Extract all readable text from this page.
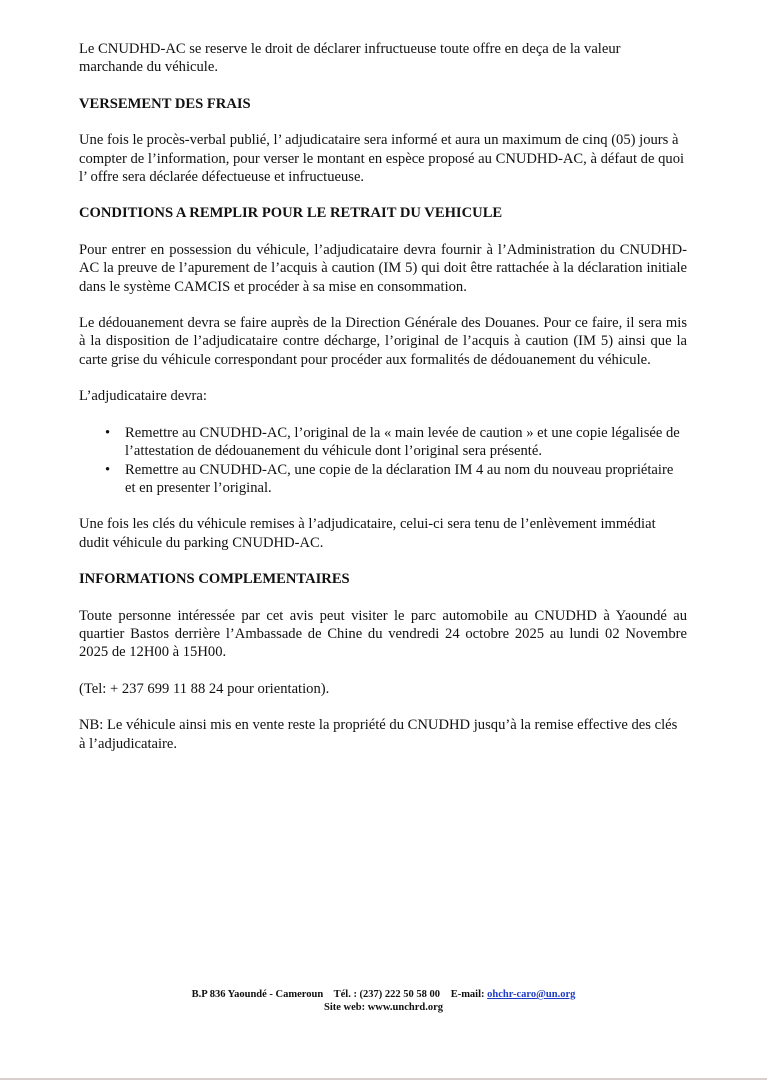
Le CNUDHD-AC se reserve le droit de déclarer infructueuse toute offre en deça de la valeur marchande du véhicule.

VERSEMENT DES FRAIS

Une fois le procès-verbal publié, l’ adjudicataire sera informé et aura un maximum de cinq (05) jours à compter de l’information, pour verser le montant en espèce proposé au CNUDHD-AC, à défaut de quoi l’ offre sera déclarée défectueuse et infructueuse.

CONDITIONS A REMPLIR POUR LE RETRAIT DU VEHICULE

Pour entrer en possession du véhicule, l’adjudicataire devra fournir à l’Administration du CNUDHD-AC la preuve de l’apurement de l’acquis à caution (IM 5) qui doit être rattachée à la déclaration initiale dans le système CAMCIS et procéder à sa mise en consommation.

Le dédouanement devra se faire auprès de la Direction Générale des Douanes. Pour ce faire, il sera mis à la disposition de l’adjudicataire contre décharge, l’original de l’acquis à caution (IM 5) ainsi que la carte grise du véhicule correspondant pour procéder aux formalités de dédouanement du véhicule.

L’adjudicataire devra:

• Remettre au CNUDHD-AC, l’original de la « main levée de caution » et une copie légalisée de l’attestation de dédouanement du véhicule dont l’original sera présenté.
• Remettre au CNUDHD-AC, une copie de la déclaration IM 4 au nom du nouveau propriétaire et en presenter l’original.

Une fois les clés du véhicule remises à l’adjudicataire, celui-ci sera tenu de l’enlèvement immédiat dudit véhicule du parking CNUDHD-AC.

INFORMATIONS COMPLEMENTAIRES

Toute personne intéressée par cet avis peut visiter le parc automobile au CNUDHD à Yaoundé au quartier Bastos derrière l’Ambassade de Chine du vendredi 24 octobre 2025 au lundi 02 Novembre 2025 de 12H00 à 15H00.

(Tel: + 237 699 11 88 24 pour orientation).

NB: Le véhicule ainsi mis en vente reste la propriété du CNUDHD jusqu’à la remise effective des clés à l’adjudicataire.

B.P 836 Yaoundé - Cameroun Tél. : (237) 222 50 58 00 E-mail: ohchr-caro@un.org
Site web: www.unchrd.org
